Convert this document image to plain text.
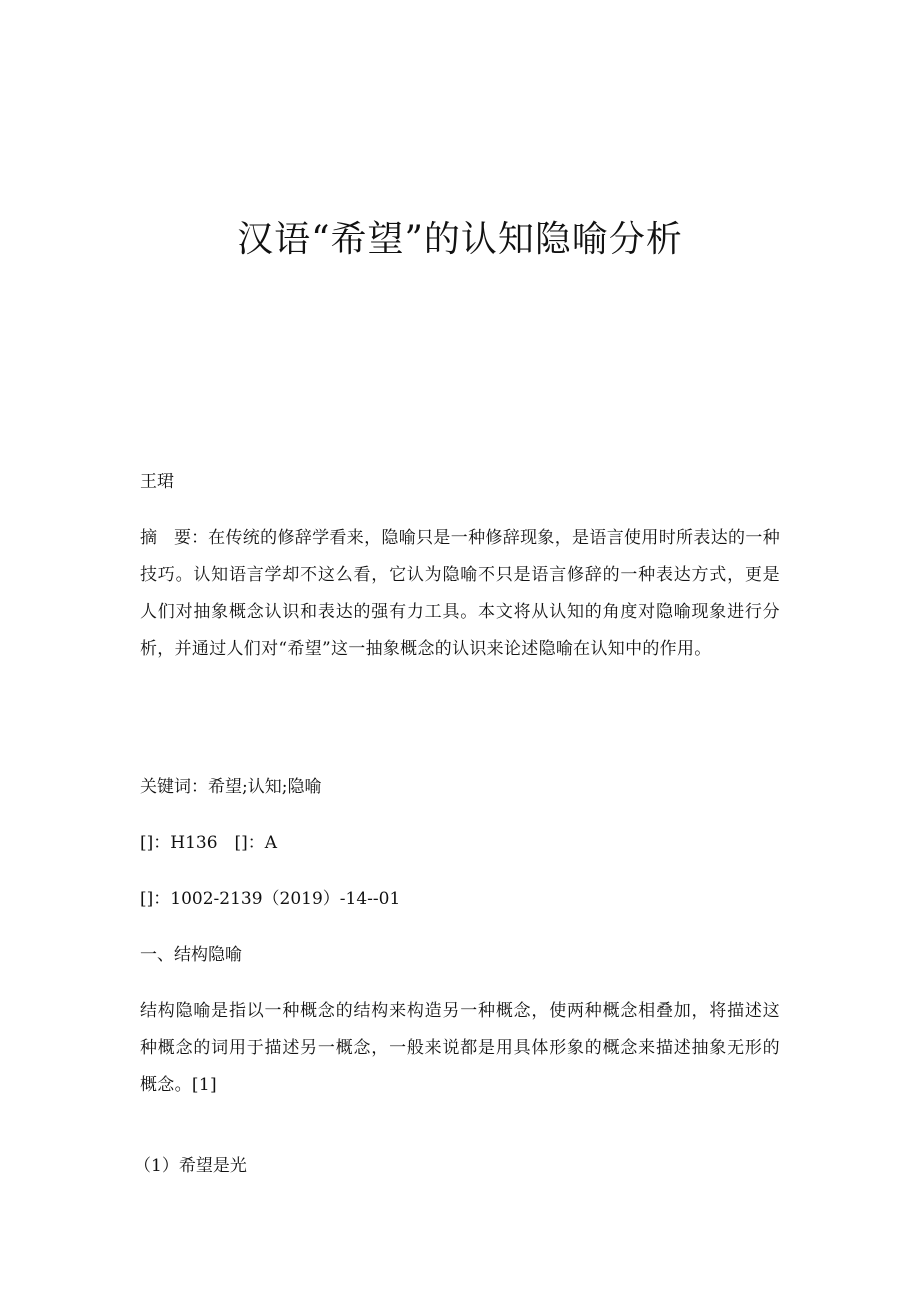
汉语“希望”的认知隐喻分析

王珺

摘　要：在传统的修辞学看来，隐喻只是一种修辞现象，是语言使用时所表达的一种技巧。认知语言学却不这么看，它认为隐喻不只是语言修辞的一种表达方式，更是人们对抽象概念认识和表达的强有力工具。本文将从认知的角度对隐喻现象进行分析，并通过人们对“希望”这一抽象概念的认识来论述隐喻在认知中的作用。

关键词：希望;认知;隐喻

[]：H136　[]：A

[]：1002-2139（2019）-14--01

一、结构隐喻

结构隐喻是指以一种概念的结构来构造另一种概念，使两种概念相叠加，将描述这种概念的词用于描述另一概念，一般来说都是用具体形象的概念来描述抽象无形的概念。[1]

（1）希望是光
